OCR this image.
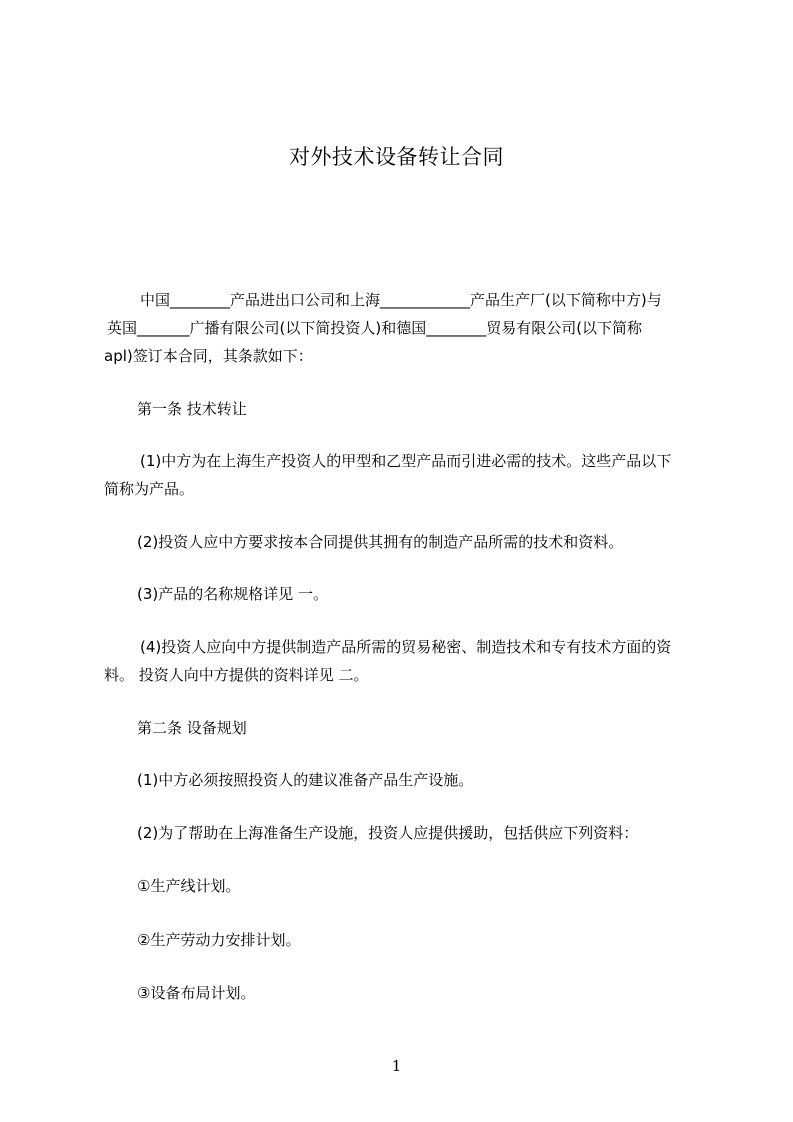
对外技术设备转让合同
中国________产品进出口公司和上海____________产品生产厂(以下简称中方)与
英国_______广播有限公司(以下简投资人)和德国________贸易有限公司(以下简称
apl)签订本合同，其条款如下：
第一条 技术转让
(1)中方为在上海生产投资人的甲型和乙型产品而引进必需的技术。这些产品以下
简称为产品。
(2)投资人应中方要求按本合同提供其拥有的制造产品所需的技术和资料。
(3)产品的名称规格详见 一。
(4)投资人应向中方提供制造产品所需的贸易秘密、制造技术和专有技术方面的资
料。 投资人向中方提供的资料详见 二。
第二条 设备规划
(1)中方必须按照投资人的建议准备产品生产设施。
(2)为了帮助在上海准备生产设施，投资人应提供援助，包括供应下列资料：
①生产线计划。
②生产劳动力安排计划。
③设备布局计划。
1
